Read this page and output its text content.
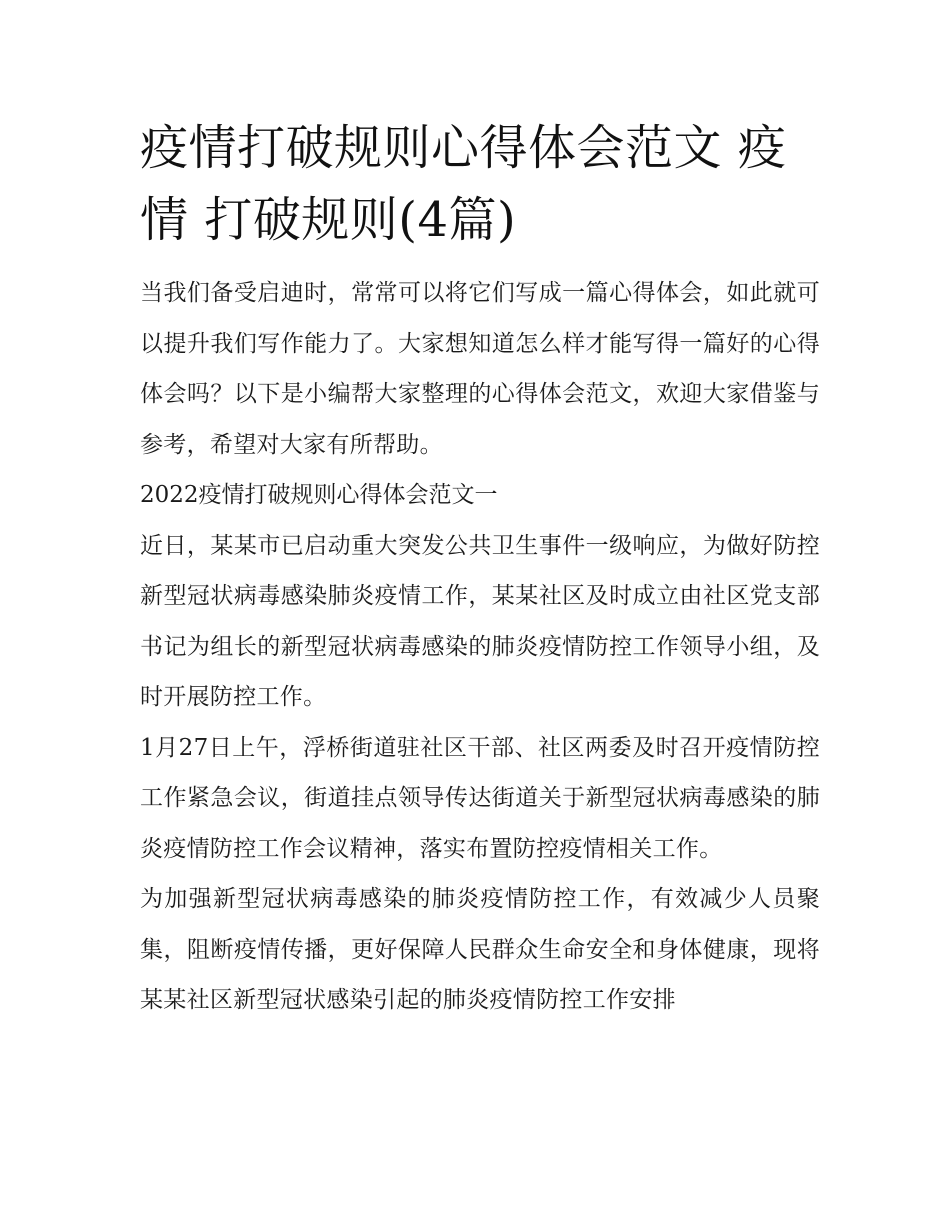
疫情打破规则心得体会范文 疫情 打破规则(4篇)

当我们备受启迪时，常常可以将它们写成一篇心得体会，如此就可以提升我们写作能力了。大家想知道怎么样才能写得一篇好的心得体会吗？以下是小编帮大家整理的心得体会范文，欢迎大家借鉴与参考，希望对大家有所帮助。

2022疫情打破规则心得体会范文一

近日，某某市已启动重大突发公共卫生事件一级响应，为做好防控新型冠状病毒感染肺炎疫情工作，某某社区及时成立由社区党支部书记为组长的新型冠状病毒感染的肺炎疫情防控工作领导小组，及时开展防控工作。

1月27日上午，浮桥街道驻社区干部、社区两委及时召开疫情防控工作紧急会议，街道挂点领导传达街道关于新型冠状病毒感染的肺炎疫情防控工作会议精神，落实布置防控疫情相关工作。

为加强新型冠状病毒感染的肺炎疫情防控工作，有效减少人员聚集，阻断疫情传播，更好保障人民群众生命安全和身体健康，现将某某社区新型冠状感染引起的肺炎疫情防控工作安排
